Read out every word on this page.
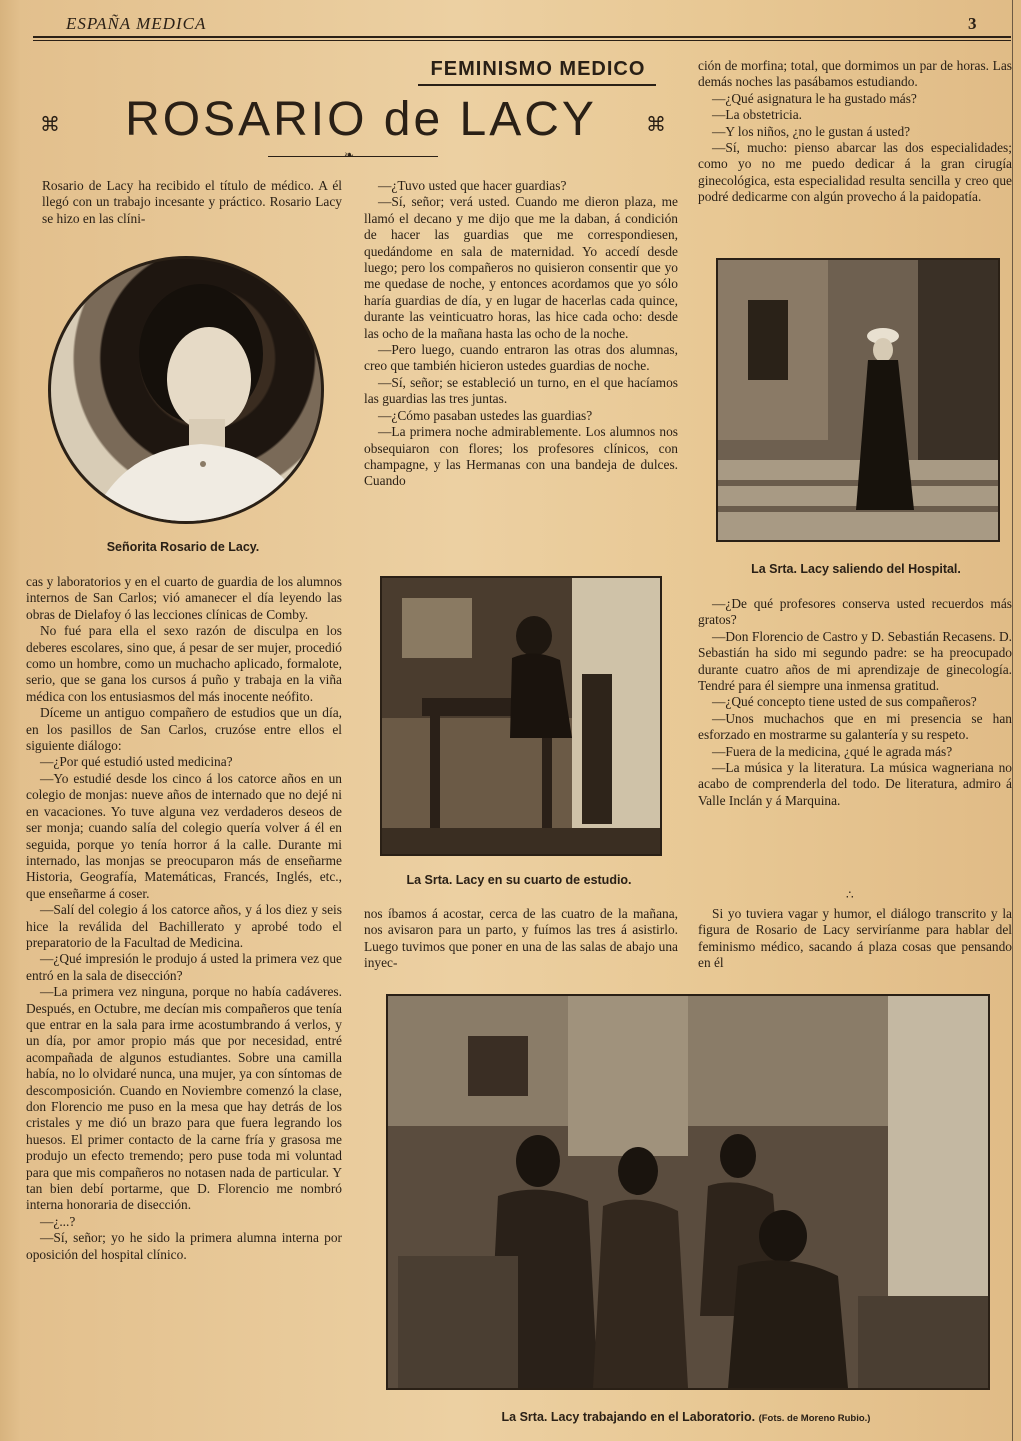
ESPAÑA MEDICA	3
FEMINISMO MEDICO
⌘	ROSARIO de LACY	⌘
❧

Rosario de Lacy ha recibido el título de médico. A él llegó con un trabajo incesante y práctico. Rosario Lacy se hizo en las clíni-

Señorita Rosario de Lacy.

cas y laboratorios y en el cuarto de guardia de los alumnos internos de San Carlos; vió amanecer el día leyendo las obras de Dielafoy ó las lecciones clínicas de Comby.

No fué para ella el sexo razón de disculpa en los deberes escolares, sino que, á pesar de ser mujer, procedió como un hombre, como un muchacho aplicado, formalote, serio, que se gana los cursos á puño y trabaja en la viña médica con los entusiasmos del más inocente neófito.

Díceme un antiguo compañero de estudios que un día, en los pasillos de San Carlos, cruzóse entre ellos el siguiente diálogo:

—¿Por qué estudió usted medicina?

—Yo estudié desde los cinco á los catorce años en un colegio de monjas: nueve años de internado que no dejé ni en vacaciones. Yo tuve alguna vez verdaderos deseos de ser monja; cuando salía del colegio quería volver á él en seguida, porque yo tenía horror á la calle. Durante mi internado, las monjas se preocuparon más de enseñarme Historia, Geografía, Matemáticas, Francés, Inglés, etc., que enseñarme á coser.

—Salí del colegio á los catorce años, y á los diez y seis hice la reválida del Bachillerato y aprobé todo el preparatorio de la Facultad de Medicina.

—¿Qué impresión le produjo á usted la primera vez que entró en la sala de disección?

—La primera vez ninguna, porque no había cadáveres. Después, en Octubre, me decían mis compañeros que tenía que entrar en la sala para irme acostumbrando á verlos, y un día, por amor propio más que por necesidad, entré acompañada de algunos estudiantes. Sobre una camilla había, no lo olvidaré nunca, una mujer, ya con síntomas de descomposición. Cuando en Noviembre comenzó la clase, don Florencio me puso en la mesa que hay detrás de los cristales y me dió un brazo para que fuera legrando los huesos. El primer contacto de la carne fría y grasosa me produjo un efecto tremendo; pero puse toda mi voluntad para que mis compañeros no notasen nada de particular. Y tan bien debí portarme, que D. Florencio me nombró interna honoraria de disección.

—¿...?

—Sí, señor; yo he sido la primera alumna interna por oposición del hospital clínico.

—¿Tuvo usted que hacer guardias?

—Sí, señor; verá usted. Cuando me dieron plaza, me llamó el decano y me dijo que me la daban, á condición de hacer las guardias que me correspondiesen, quedándome en sala de maternidad. Yo accedí desde luego; pero los compañeros no quisieron consentir que yo me quedase de noche, y entonces acordamos que yo sólo haría guardias de día, y en lugar de hacerlas cada quince, durante las veinticuatro horas, las hice cada ocho: desde las ocho de la mañana hasta las ocho de la noche.

—Pero luego, cuando entraron las otras dos alumnas, creo que también hicieron ustedes guardias de noche.

—Sí, señor; se estableció un turno, en el que hacíamos las guardias las tres juntas.

—¿Cómo pasaban ustedes las guardias?

—La primera noche admirablemente. Los alumnos nos obsequiaron con flores; los profesores clínicos, con champagne, y las Hermanas con una bandeja de dulces. Cuando

La Srta. Lacy en su cuarto de estudio.

nos íbamos á acostar, cerca de las cuatro de la mañana, nos avisaron para un parto, y fuímos las tres á asistirlo. Luego tuvimos que poner en una de las salas de abajo una inyec-

ción de morfina; total, que dormimos un par de horas. Las demás noches las pasábamos estudiando.

—¿Qué asignatura le ha gustado más?

—La obstetricia.

—Y los niños, ¿no le gustan á usted?

—Sí, mucho: pienso abarcar las dos especialidades; como yo no me puedo dedicar á la gran cirugía ginecológica, esta especialidad resulta sencilla y creo que podré dedicarme con algún provecho á la paidopatía.

La Srta. Lacy saliendo del Hospital.

—¿De qué profesores conserva usted recuerdos más gratos?

—Don Florencio de Castro y D. Sebastián Recasens. D. Sebastián ha sido mi segundo padre: se ha preocupado durante cuatro años de mi aprendizaje de ginecología. Tendré para él siempre una inmensa gratitud.

—¿Qué concepto tiene usted de sus compañeros?

—Unos muchachos que en mi presencia se han esforzado en mostrarme su galantería y su respeto.

—Fuera de la medicina, ¿qué le agrada más?

—La música y la literatura. La música wagneriana no acabo de comprenderla del todo. De literatura, admiro á Valle Inclán y á Marquina.

∴

Si yo tuviera vagar y humor, el diálogo transcrito y la figura de Rosario de Lacy serviríanme para hablar del feminismo médico, sacando á plaza cosas que pensando en él

La Srta. Lacy trabajando en el Laboratorio. (Fots. de Moreno Rubio.)
